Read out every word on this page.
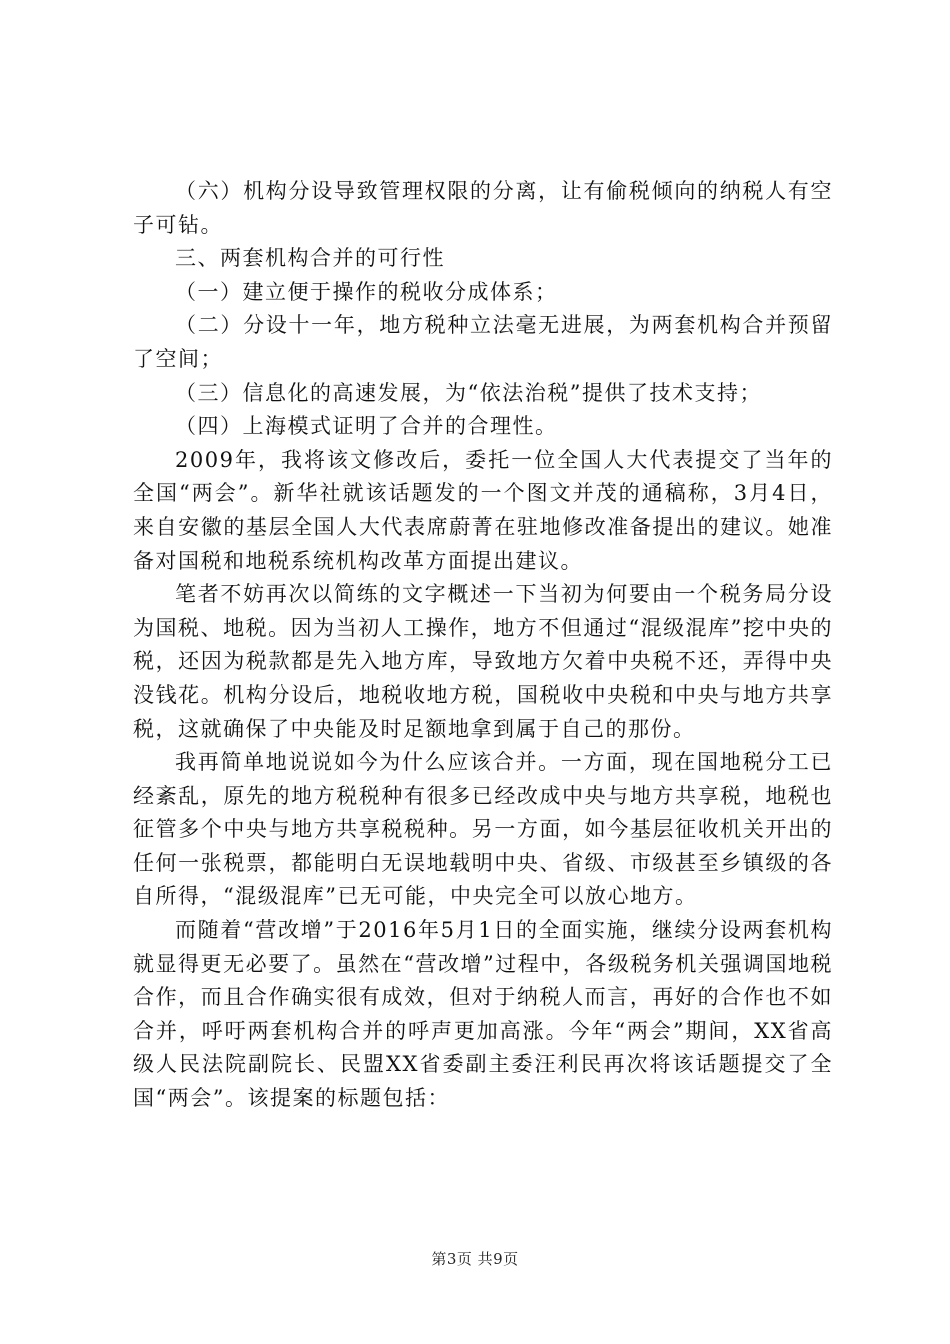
（六）机构分设导致管理权限的分离，让有偷税倾向的纳税人有空子可钻。

三、两套机构合并的可行性

（一）建立便于操作的税收分成体系；

（二）分设十一年，地方税种立法毫无进展，为两套机构合并预留了空间；

（三）信息化的高速发展，为“依法治税”提供了技术支持；

（四）上海模式证明了合并的合理性。

2009年，我将该文修改后，委托一位全国人大代表提交了当年的全国“两会”。新华社就该话题发的一个图文并茂的通稿称，3月4日，来自安徽的基层全国人大代表席蔚菁在驻地修改准备提出的建议。她准备对国税和地税系统机构改革方面提出建议。

笔者不妨再次以简练的文字概述一下当初为何要由一个税务局分设为国税、地税。因为当初人工操作，地方不但通过“混级混库”挖中央的税，还因为税款都是先入地方库，导致地方欠着中央税不还，弄得中央没钱花。机构分设后，地税收地方税，国税收中央税和中央与地方共享税，这就确保了中央能及时足额地拿到属于自己的那份。

我再简单地说说如今为什么应该合并。一方面，现在国地税分工已经紊乱，原先的地方税税种有很多已经改成中央与地方共享税，地税也征管多个中央与地方共享税税种。另一方面，如今基层征收机关开出的任何一张税票，都能明白无误地载明中央、省级、市级甚至乡镇级的各自所得，“混级混库”已无可能，中央完全可以放心地方。

而随着“营改增”于2016年5月1日的全面实施，继续分设两套机构就显得更无必要了。虽然在“营改增”过程中，各级税务机关强调国地税合作，而且合作确实很有成效，但对于纳税人而言，再好的合作也不如合并，呼吁两套机构合并的呼声更加高涨。今年“两会”期间，XX省高级人民法院副院长、民盟XX省委副主委汪利民再次将该话题提交了全国“两会”。该提案的标题包括：

第3页 共9页
